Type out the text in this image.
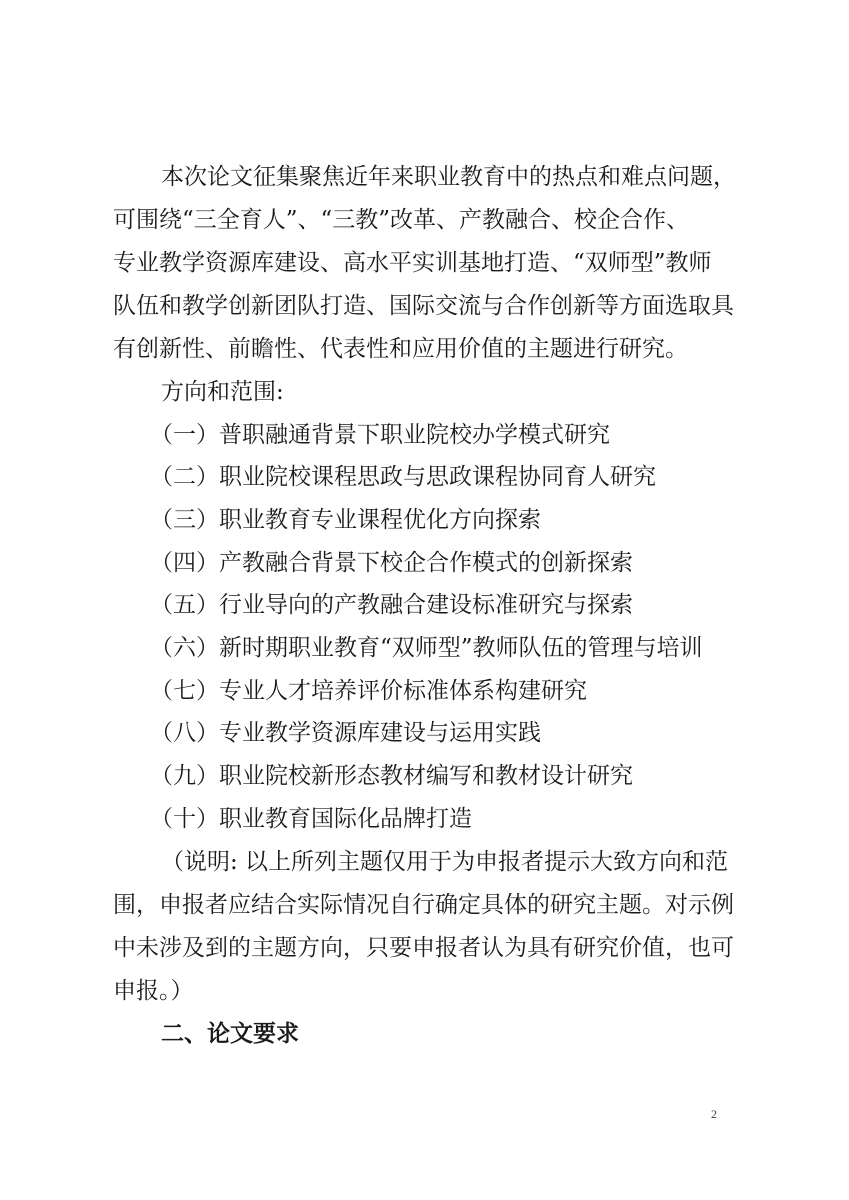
本次论文征集聚焦近年来职业教育中的热点和难点问题，
可围绕“三全育人”、“三教”改革、产教融合、校企合作、
专业教学资源库建设、高水平实训基地打造、“双师型”教师
队伍和教学创新团队打造、国际交流与合作创新等方面选取具
有创新性、前瞻性、代表性和应用价值的主题进行研究。
方向和范围:
（一）普职融通背景下职业院校办学模式研究
（二）职业院校课程思政与思政课程协同育人研究
（三）职业教育专业课程优化方向探索
（四）产教融合背景下校企合作模式的创新探索
（五）行业导向的产教融合建设标准研究与探索
（六）新时期职业教育“双师型”教师队伍的管理与培训
（七）专业人才培养评价标准体系构建研究
（八）专业教学资源库建设与运用实践
（九）职业院校新形态教材编写和教材设计研究
（十）职业教育国际化品牌打造
（说明: 以上所列主题仅用于为申报者提示大致方向和范
围，申报者应结合实际情况自行确定具体的研究主题。对示例
中未涉及到的主题方向，只要申报者认为具有研究价值，也可
申报。）
二、论文要求
2
